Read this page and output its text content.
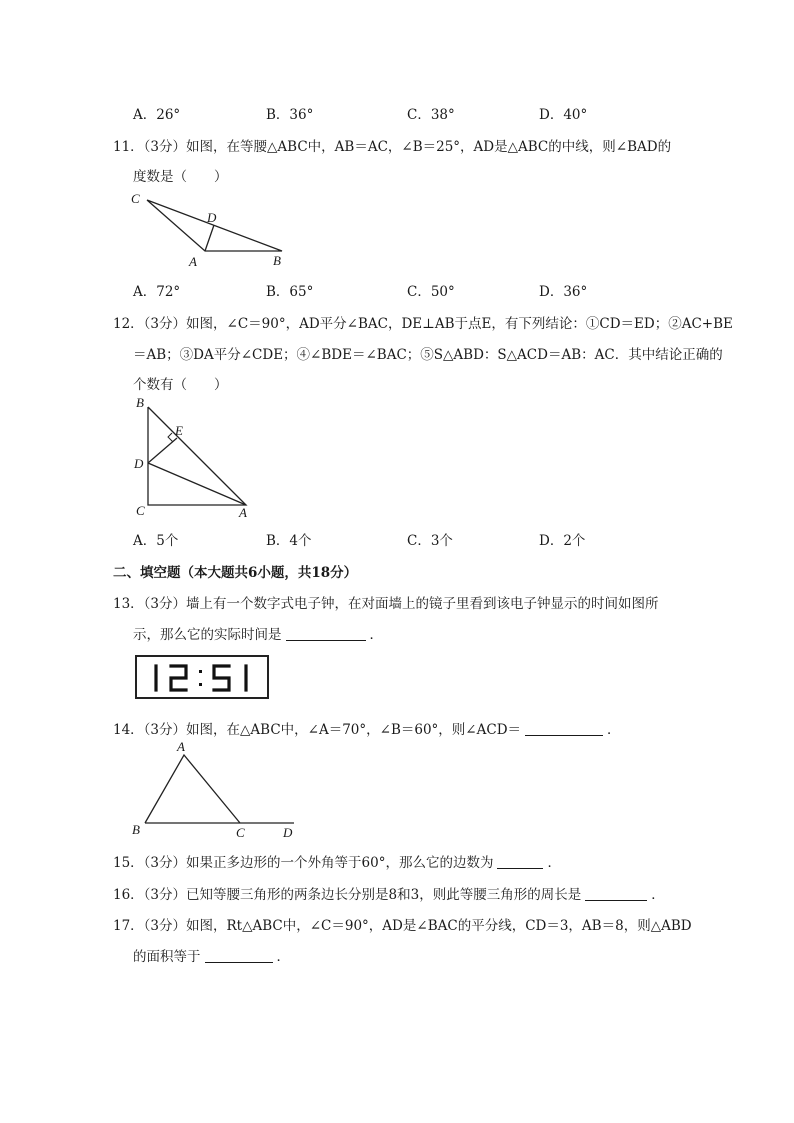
A．26°	B．36°	C．38°	D．40°
11．（3分）如图，在等腰△ABC中，AB＝AC，∠B＝25°，AD是△ABC的中线，则∠BAD的
度数是（　　）
C
D
A	B
A．72°	B．65°	C．50°	D．36°
12．（3分）如图，∠C＝90°，AD平分∠BAC，DE⊥AB于点E，有下列结论：①CD＝ED；②AC+BE
＝AB；③DA平分∠CDE；④∠BDE＝∠BAC；⑤S△ABD：S△ACD＝AB：AC．其中结论正确的
个数有（　　）
B
E
D
C	A
A．5个	B．4个	C．3个	D．2个
二、填空题（本大题共6小题，共18分）
13．（3分）墙上有一个数字式电子钟，在对面墙上的镜子里看到该电子钟显示的时间如图所
示，那么它的实际时间是	．
14．（3分）如图，在△ABC中，∠A＝70°，∠B＝60°，则∠ACD＝	．
A
B	C	D
15．（3分）如果正多边形的一个外角等于60°，那么它的边数为	．
16．（3分）已知等腰三角形的两条边长分别是8和3，则此等腰三角形的周长是	．
17．（3分）如图，Rt△ABC中，∠C＝90°，AD是∠BAC的平分线，CD＝3，AB＝8，则△ABD
的面积等于	．
